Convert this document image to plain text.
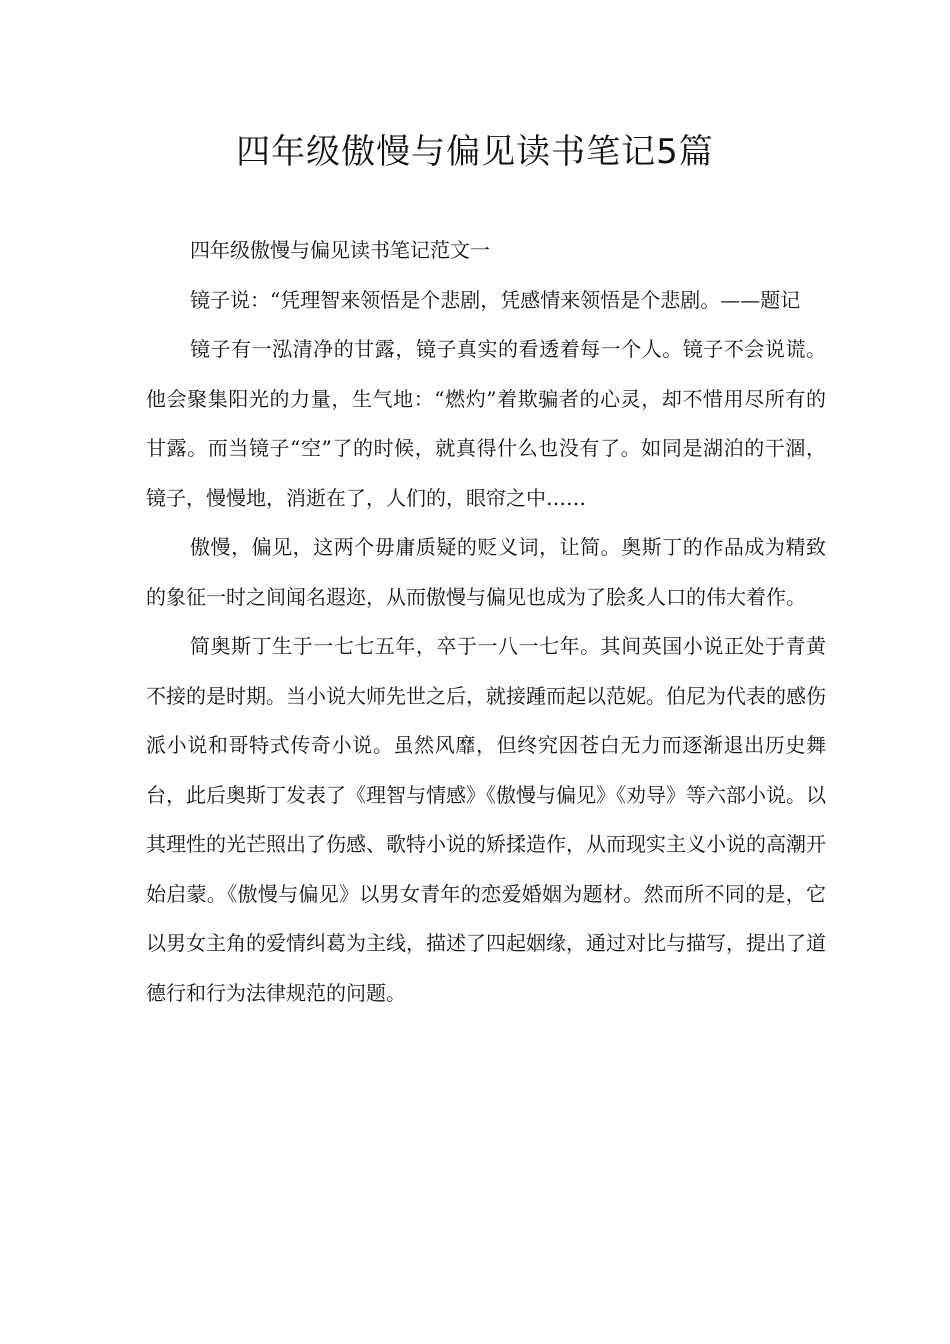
四年级傲慢与偏见读书笔记5篇

四年级傲慢与偏见读书笔记范文一

镜子说：“凭理智来领悟是个悲剧，凭感情来领悟是个悲剧。——题记

镜子有一泓清净的甘露，镜子真实的看透着每一个人。镜子不会说谎。他会聚集阳光的力量，生气地：“燃灼”着欺骗者的心灵，却不惜用尽所有的甘露。而当镜子“空”了的时候，就真得什么也没有了。如同是湖泊的干涸，镜子，慢慢地，消逝在了，人们的，眼帘之中……

傲慢，偏见，这两个毋庸质疑的贬义词，让简。奥斯丁的作品成为精致的象征一时之间闻名遐迩，从而傲慢与偏见也成为了脍炙人口的伟大着作。

简奥斯丁生于一七七五年，卒于一八一七年。其间英国小说正处于青黄不接的是时期。当小说大师先世之后，就接踵而起以范妮。伯尼为代表的感伤派小说和哥特式传奇小说。虽然风靡，但终究因苍白无力而逐渐退出历史舞台，此后奥斯丁发表了《理智与情感》《傲慢与偏见》《劝导》等六部小说。以其理性的光芒照出了伤感、歌特小说的矫揉造作，从而现实主义小说的高潮开始启蒙。《傲慢与偏见》以男女青年的恋爱婚姻为题材。然而所不同的是，它以男女主角的爱情纠葛为主线，描述了四起姻缘，通过对比与描写，提出了道德行和行为法律规范的问题。
